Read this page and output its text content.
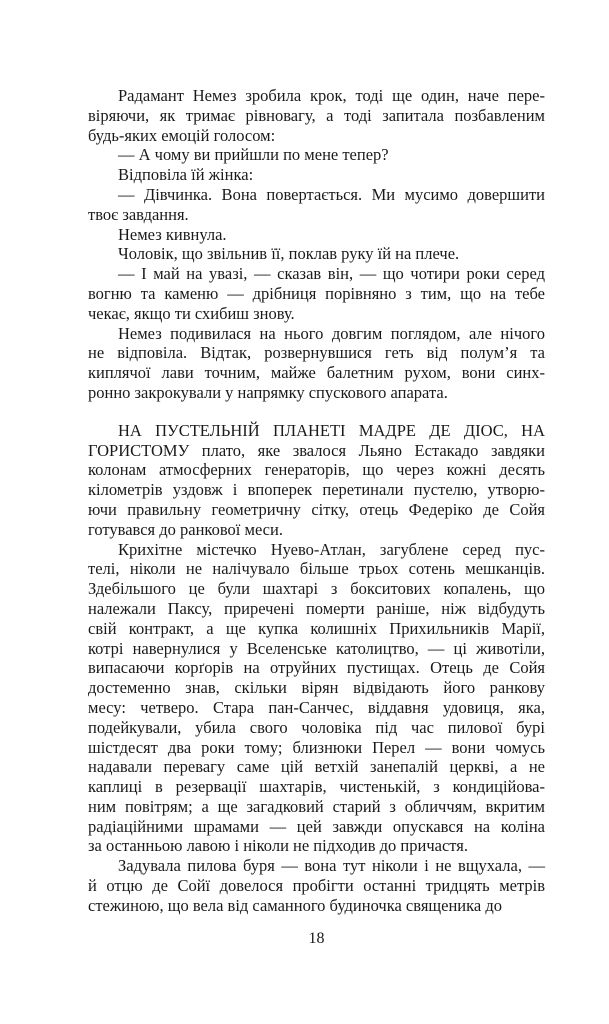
Радамант Немез зробила крок, тоді ще один, наче пере-
віряючи, як тримає рівновагу, а тоді запитала позбавленим
будь-яких емоцій голосом:
— А чому ви прийшли по мене тепер?
Відповіла їй жінка:
— Дівчинка. Вона повертається. Ми мусимо довершити
твоє завдання.
Немез кивнула.
Чоловік, що звільнив її, поклав руку їй на плече.
— І май на увазі, — сказав він, — що чотири роки серед
вогню та каменю — дрібниця порівняно з тим, що на тебе
чекає, якщо ти схибиш знову.
Немез подивилася на нього довгим поглядом, але нічого
не відповіла. Відтак, розвернувшися геть від полум’я та
киплячої лави точним, майже балетним рухом, вони синх-
ронно закрокували у напрямку спускового апарата.
НА ПУСТЕЛЬНІЙ ПЛАНЕТІ МАДРЕ ДЕ ДІОС, НА
ГОРИСТОМУ плато, яке звалося Льяно Естакадо завдяки
колонам атмосферних генераторів, що через кожні десять
кілометрів уздовж і впоперек перетинали пустелю, утворю-
ючи правильну геометричну сітку, отець Федеріко де Сойя
готувався до ранкової меси.
Крихітне містечко Нуево-Атлан, загублене серед пус-
телі, ніколи не налічувало більше трьох сотень мешканців.
Здебільшого це були шахтарі з бокситових копалень, що
належали Паксу, приречені померти раніше, ніж відбудуть
свій контракт, а ще купка колишніх Прихильників Марії,
котрі навернулися у Вселенське католицтво, — ці животіли,
випасаючи корґорів на отруйних пустищах. Отець де Сойя
достеменно знав, скільки вірян відвідають його ранкову
месу: четверо. Стара пан-Санчес, віддавня удовиця, яка,
подейкували, убила свого чоловіка під час пилової бурі
шістдесят два роки тому; близнюки Перел — вони чомусь
надавали перевагу саме цій ветхій занепалій церкві, а не
каплиці в резервації шахтарів, чистенькій, з кондиційова-
ним повітрям; а ще загадковий старий з обличчям, вкритим
радіаційними шрамами — цей завжди опускався на коліна
за останньою лавою і ніколи не підходив до причастя.
Задувала пилова буря — вона тут ніколи і не вщухала, —
й отцю де Сойї довелося пробігти останні тридцять метрів
стежиною, що вела від саманного будиночка священика до
18
